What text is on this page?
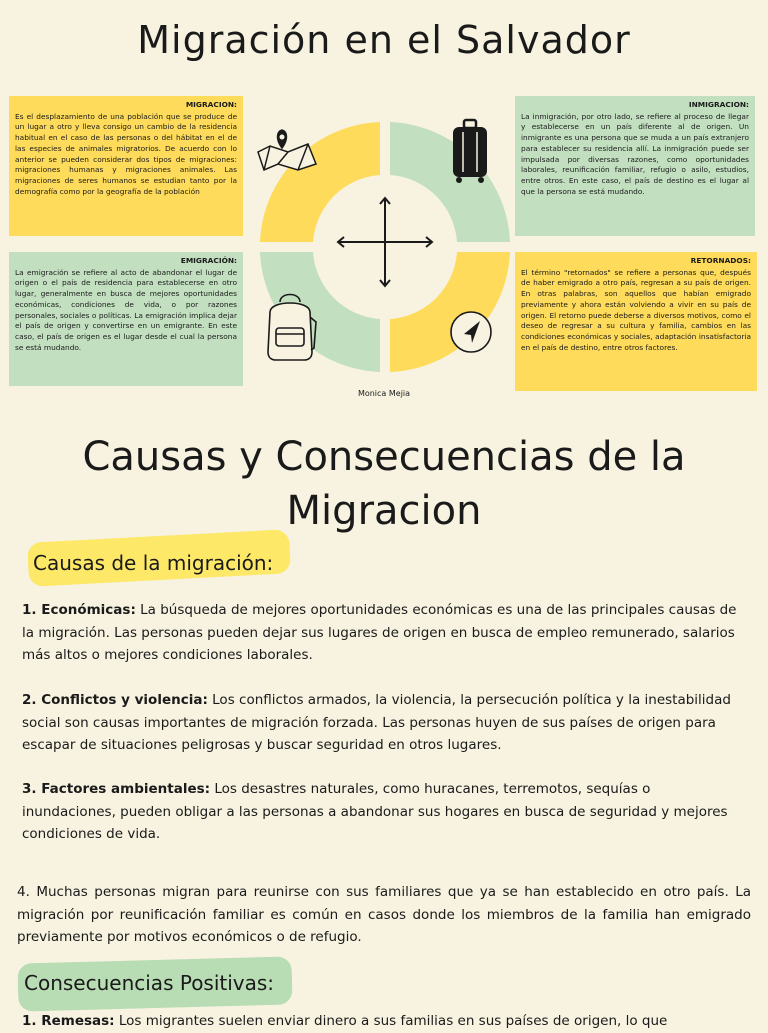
Migración en el Salvador
MIGRACION:
Es el desplazamiento de una población que se produce de un lugar a otro y lleva consigo un cambio de la residencia habitual en el caso de las personas o del hábitat en el de las especies de animales migratorios. De acuerdo con lo anterior se pueden considerar dos tipos de migraciones: migraciones humanas y migraciones animales. Las migraciones de seres humanos se estudian tanto por la demografía como por la geografía de la población
INMIGRACION:
La inmigración, por otro lado, se refiere al proceso de llegar y establecerse en un país diferente al de origen. Un inmigrante es una persona que se muda a un país extranjero para establecer su residencia allí. La inmigración puede ser impulsada por diversas razones, como oportunidades laborales, reunificación familiar, refugio o asilo, estudios, entre otros. En este caso, el país de destino es el lugar al que la persona se está mudando.
EMIGRACIÓN:
La emigración se refiere al acto de abandonar el lugar de origen o el país de residencia para establecerse en otro lugar, generalmente en busca de mejores oportunidades económicas, condiciones de vida, o por razones personales, sociales o políticas. La emigración implica dejar el país de origen y convertirse en un emigrante. En este caso, el país de origen es el lugar desde el cual la persona se está mudando.
RETORNADOS:
El término "retornados" se refiere a personas que, después de haber emigrado a otro país, regresan a su país de origen. En otras palabras, son aquellos que habían emigrado previamente y ahora están volviendo a vivir en su país de origen. El retorno puede deberse a diversos motivos, como el deseo de regresar a su cultura y familia, cambios en las condiciones económicas y sociales, adaptación insatisfactoria en el país de destino, entre otros factores.
Monica Mejia
Causas y Consecuencias de la
Migracion
Causas de la migración:
1. Económicas: La búsqueda de mejores oportunidades económicas es una de las principales causas de la migración. Las personas pueden dejar sus lugares de origen en busca de empleo remunerado, salarios más altos o mejores condiciones laborales.
2. Conflictos y violencia: Los conflictos armados, la violencia, la persecución política y la inestabilidad social son causas importantes de migración forzada. Las personas huyen de sus países de origen para escapar de situaciones peligrosas y buscar seguridad en otros lugares.
3. Factores ambientales: Los desastres naturales, como huracanes, terremotos, sequías o inundaciones, pueden obligar a las personas a abandonar sus hogares en busca de seguridad y mejores condiciones de vida.
4. Muchas personas migran para reunirse con sus familiares que ya se han establecido en otro país. La migración por reunificación familiar es común en casos donde los miembros de la familia han emigrado previamente por motivos económicos o de refugio.
Consecuencias Positivas:
1. Remesas: Los migrantes suelen enviar dinero a sus familias en sus países de origen, lo que
